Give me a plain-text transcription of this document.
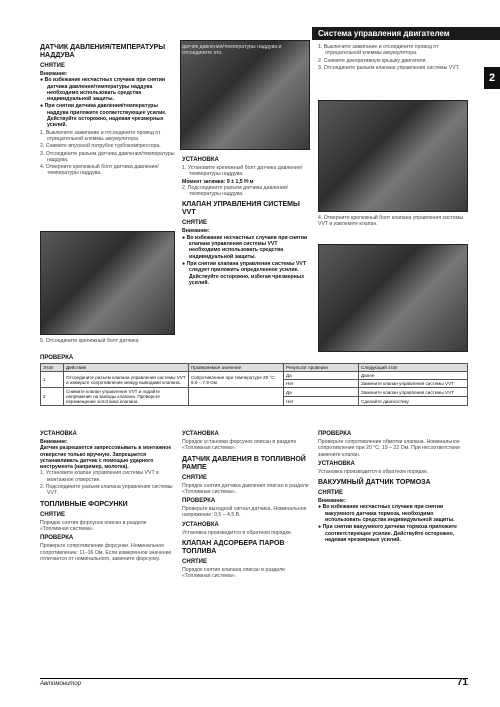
Система управления двигателем
2
ДАТЧИК ДАВЛЕНИЯ/ТЕМПЕРАТУРЫ НАДДУВА
СНЯТИЕ
Внимание:
● Во избежание несчастных случаев при снятии датчика давления/температуры наддува необходимо использовать средства индивидуальной защиты.
● При снятии датчика давления/температуры наддува приложите соответствующее усилие. Действуйте осторожно, надевая чрезмерных усилий.
1. Выключите зажигание и отсоедините провод от отрицательной клеммы аккумулятора.
2. Снимите впускной патрубок турбокомпрессора.
3. Отсоедините разъем датчика давления/температуры наддува.
4. Отверните крепежный болт датчика давления/температуры наддува.
5. Отсоедините крепежный болт датчика
датчик давления/температуры наддува и отсоедините его.
УСТАНОВКА
1. Установите крепежный болт датчика давления/температуры наддува.
Момент затяжки: 9 ± 1,5 Н·м
2. Подсоедините разъем датчика давления/температуры наддува.
КЛАПАН УПРАВЛЕНИЯ СИСТЕМЫ VVT
СНЯТИЕ
Внимание:
● Во избежание несчастных случаев при снятии клапана управления системы VVT необходимо использовать средства индивидуальной защиты.
● При снятии клапана управления системы VVT следует приложить определенное усилие. Действуйте осторожно, избегая чрезмерных усилий.
1. Выключите зажигание и отсоедините провод от отрицательной клеммы аккумулятора.
2. Снимите декоративную крышку двигателя.
3. Отсоедините разъем клапана управления системы VVT.
4. Отверните крепежный болт клапана управления системы VVT и извлеките клапан.
ПРОВЕРКА
Этап	Действие	Проверяемое значение	Результат проверки	Следующий этап
1	Отсоедините разъем клапана управления системы VVT и измерьте сопротивление между выводами клапана.	Сопротивление при температуре 20 °С: 6,9 – 7,9 Ом	Да	Далее
			Нет	Замените клапан управления системы VVT
2	Снимите клапан управления VVT и подайте напряжение на выводы клапана. Проверьте перемещение золотника клапана.		Да	Замените клапан управления системы VVT
			Нет	Сделайте диагностику
УСТАНОВКА
Внимание:
Датчик разрешается запрессовывать в монтажное отверстие только вручную. Запрещается устанавливать датчик с помощью ударного инструмента (например, молотка).
1. Установите клапан управления системы VVT в монтажное отверстие.
2. Подсоедините разъем клапана управления системы VVT.
ТОПЛИВНЫЕ ФОРСУНКИ
СНЯТИЕ
Порядок снятия форсунок описан в разделе «Топливная система».
ПРОВЕРКА
Проверьте сопротивление форсунки. Номинальное сопротивление: 11–16 Ом. Если измеренное значение отличается от номинального, замените форсунку.
УСТАНОВКА
Порядок установки форсунок описан в разделе «Топливная система».
ДАТЧИК ДАВЛЕНИЯ В ТОПЛИВНОЙ РАМПЕ
СНЯТИЕ
Порядок снятия датчика давления описан в разделе «Топливная система».
ПРОВЕРКА
Проверьте выходной сигнал датчика. Номинальное напряжение: 0,5 – 4,5 В.
УСТАНОВКА
Установка производится в обратном порядке.
КЛАПАН АДСОРБЕРА ПАРОВ ТОПЛИВА
СНЯТИЕ
Порядок снятия клапана описан в разделе «Топливная система».
ПРОВЕРКА
Проверьте сопротивление обмотки клапана. Номинальное сопротивление при 20 °С: 19 – 22 Ом. При несоответствии замените клапан.
УСТАНОВКА
Установка производится в обратном порядке.
ВАКУУМНЫЙ ДАТЧИК ТОРМОЗА
СНЯТИЕ
Внимание:
● Во избежание несчастных случаев при снятии вакуумного датчика тормоза, необходимо использовать средства индивидуальной защиты.
● При снятии вакуумного датчика тормоза приложите соответствующее усилие. Действуйте осторожно, надевая чрезмерных усилий.
Автомонитор	71
